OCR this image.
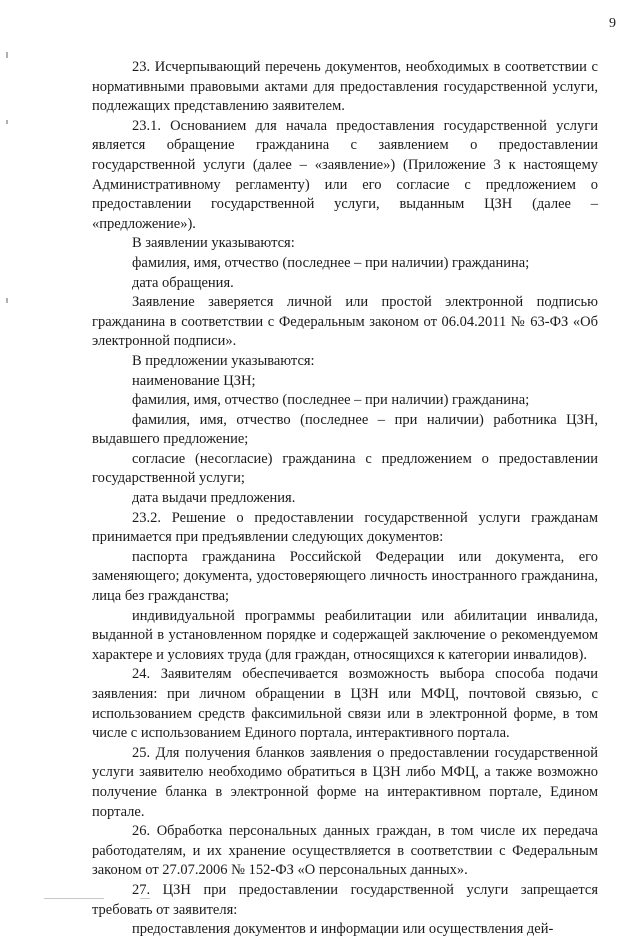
9

23. Исчерпывающий перечень документов, необходимых в соответствии с нормативными правовыми актами для предоставления государственной услуги, подлежащих представлению заявителем.

23.1. Основанием для начала предоставления государственной услуги является обращение гражданина с заявлением о предоставлении государственной услуги (далее – «заявление») (Приложение 3 к настоящему Административному регламенту) или его согласие с предложением о предоставлении государственной услуги, выданным ЦЗН (далее – «предложение»).

В заявлении указываются:

фамилия, имя, отчество (последнее – при наличии) гражданина;

дата обращения.

Заявление заверяется личной или простой электронной подписью гражданина в соответствии с Федеральным законом от 06.04.2011 № 63-ФЗ «Об электронной подписи».

В предложении указываются:

наименование ЦЗН;

фамилия, имя, отчество (последнее – при наличии) гражданина;

фамилия, имя, отчество (последнее – при наличии) работника ЦЗН, выдавшего предложение;

согласие (несогласие) гражданина с предложением о предоставлении государственной услуги;

дата выдачи предложения.

23.2. Решение о предоставлении государственной услуги гражданам принимается при предъявлении следующих документов:

паспорта гражданина Российской Федерации или документа, его заменяющего; документа, удостоверяющего личность иностранного гражданина, лица без гражданства;

индивидуальной программы реабилитации или абилитации инвалида, выданной в установленном порядке и содержащей заключение о рекомендуемом характере и условиях труда (для граждан, относящихся к категории инвалидов).

24. Заявителям обеспечивается возможность выбора способа подачи заявления: при личном обращении в ЦЗН или МФЦ, почтовой связью, с использованием средств факсимильной связи или в электронной форме, в том числе с использованием Единого портала, интерактивного портала.

25. Для получения бланков заявления о предоставлении государственной услуги заявителю необходимо обратиться в ЦЗН либо МФЦ, а также возможно получение бланка в электронной форме на интерактивном портале, Едином портале.

26. Обработка персональных данных граждан, в том числе их передача работодателям, и их хранение осуществляется в соответствии с Федеральным законом от 27.07.2006 № 152-ФЗ «О персональных данных».

27. ЦЗН при предоставлении государственной услуги запрещается требовать от заявителя:

предоставления документов и информации или осуществления дей-
